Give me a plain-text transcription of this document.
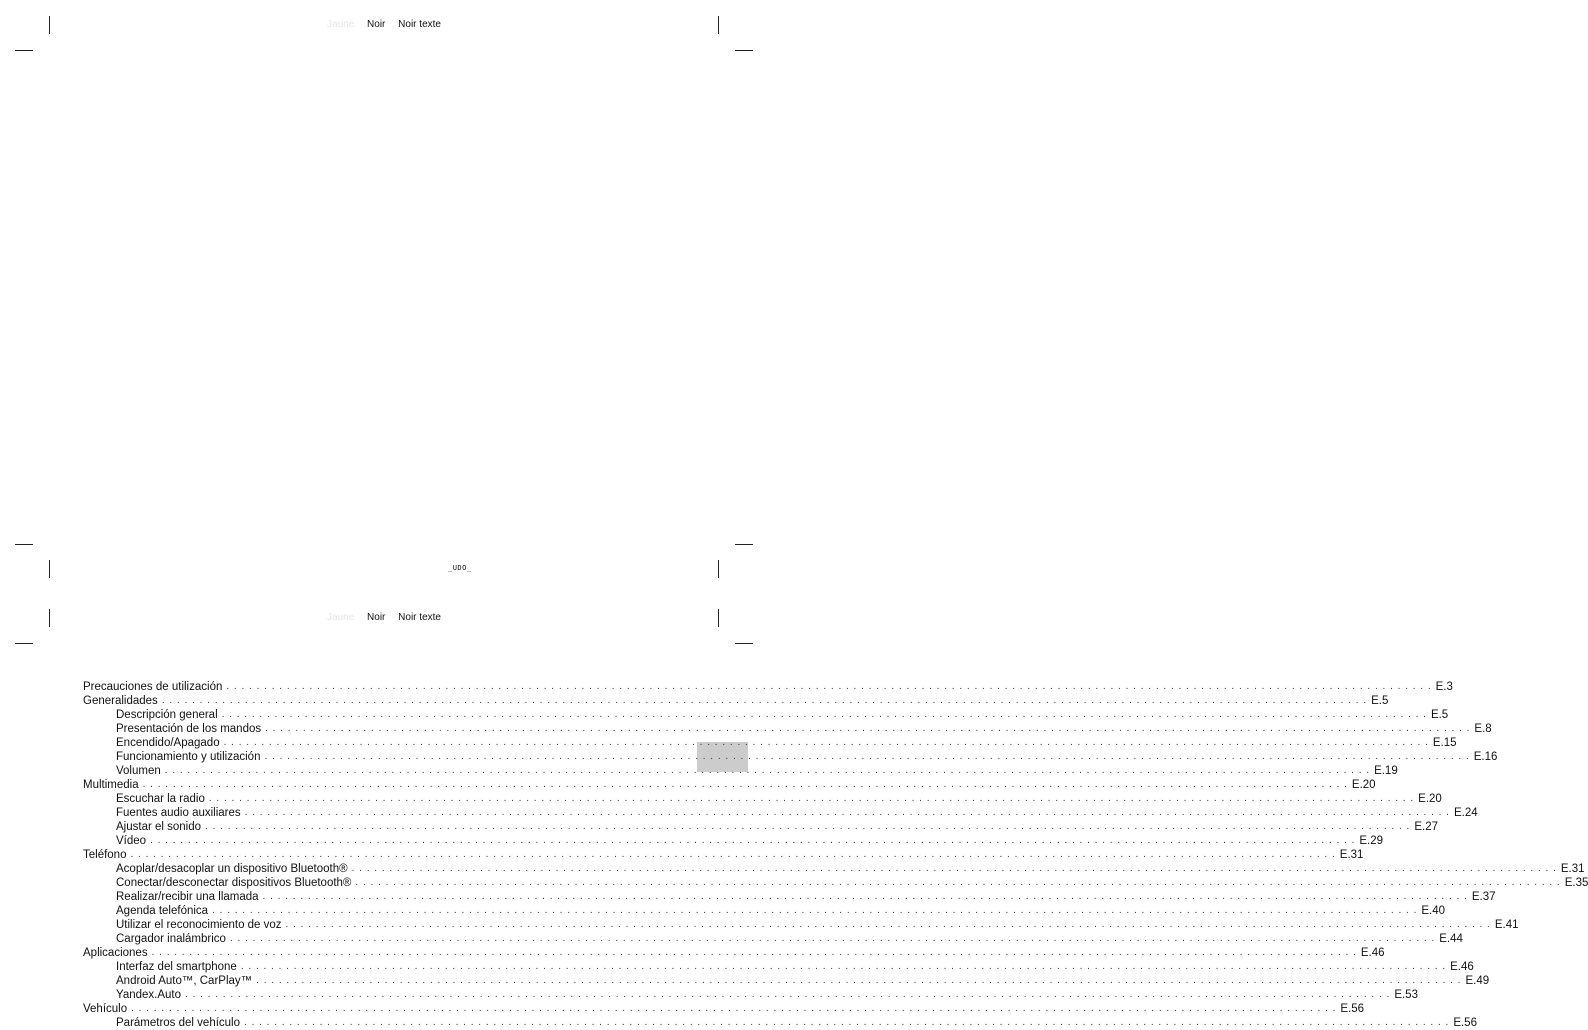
Jaune Noir Noir texte
_UDO_
Jaune Noir Noir texte
Precauciones de utilización . . . . . . . . . . . . . . . . . . . . . . . . . . . . . . . . . . . . . . . . . . . . . . . . . . . . . . . . . . . . . . . . . . . . . . . . . . . . . . . . . . . . . . . . . . . . . . . . . . . . . . . . . . . . . . . . . . . . . . . . . . . . . . . . . . . . . . . . . . . . . . . . . . . . . . . . . . . . . . . . E.3
Generalidades . . . . . . . . . . . . . . . . . . . . . . . . . . . . . . . . . . . . . . . . . . . . . . . . . . . . . . . . . . . . . . . . . . . . . . . . . . . . . . . . . . . . . . . . . . . . . . . . . . . . . . . . . . . . . . . . . . . . . . . . . . . . . . . . . . . . . . . . . . . . . . . . . . . . . . . . . . . . . . . . E.5
Descripción general . . . . . . . . . . . . . . . . . . . . . . . . . . . . . . . . . . . . . . . . . . . . . . . . . . . . . . . . . . . . . . . . . . . . . . . . . . . . . . . . . . . . . . . . . . . . . . . . . . . . . . . . . . . . . . . . . . . . . . . . . . . . . . . . . . . . . . . . . . . . . . . . . . . . . . . . . . . . . . . . E.5
Presentación de los mandos . . . . . . . . . . . . . . . . . . . . . . . . . . . . . . . . . . . . . . . . . . . . . . . . . . . . . . . . . . . . . . . . . . . . . . . . . . . . . . . . . . . . . . . . . . . . . . . . . . . . . . . . . . . . . . . . . . . . . . . . . . . . . . . . . . . . . . . . . . . . . . . . . . . . . . . . . . . . . . . . E.8
Encendido/Apagado . . . . . . . . . . . . . . . . . . . . . . . . . . . . . . . . . . . . . . . . . . . . . . . . . . . . . . . . . . . . . . . . . . . . . . . . . . . . . . . . . . . . . . . . . . . . . . . . . . . . . . . . . . . . . . . . . . . . . . . . . . . . . . . . . . . . . . . . . . . . . . . . . . . . . . . . . . . . . . . . E.15
Funcionamiento y utilización . . . . . . . . . . . . . . . . . . . . . . . . . . . . . . . . . . . . . . . . . . . . . . . . . . . . . . . . . . . . . . . . . . . . . . . . . . . . . . . . . . . . . . . . . . . . . . . . . . . . . . . . . . . . . . . . . . . . . . . . . . . . . . . . . . . . . . . . . . . . . . . . . . . . . . . . . . . . . . . . E.16
Volumen . . . . . . . . . . . . . . . . . . . . . . . . . . . . . . . . . . . . . . . . . . . . . . . . . . . . . . . . . . . . . . . . . . . . . . . . . . . . . . . . . . . . . . . . . . . . . . . . . . . . . . . . . . . . . . . . . . . . . . . . . . . . . . . . . . . . . . . . . . . . . . . . . . . . . . . . . . . . . . . . E.19
Multimedia . . . . . . . . . . . . . . . . . . . . . . . . . . . . . . . . . . . . . . . . . . . . . . . . . . . . . . . . . . . . . . . . . . . . . . . . . . . . . . . . . . . . . . . . . . . . . . . . . . . . . . . . . . . . . . . . . . . . . . . . . . . . . . . . . . . . . . . . . . . . . . . . . . . . . . . . . . . . . . . . E.20
Escuchar la radio . . . . . . . . . . . . . . . . . . . . . . . . . . . . . . . . . . . . . . . . . . . . . . . . . . . . . . . . . . . . . . . . . . . . . . . . . . . . . . . . . . . . . . . . . . . . . . . . . . . . . . . . . . . . . . . . . . . . . . . . . . . . . . . . . . . . . . . . . . . . . . . . . . . . . . . . . . . . . . . . E.20
Fuentes audio auxiliares . . . . . . . . . . . . . . . . . . . . . . . . . . . . . . . . . . . . . . . . . . . . . . . . . . . . . . . . . . . . . . . . . . . . . . . . . . . . . . . . . . . . . . . . . . . . . . . . . . . . . . . . . . . . . . . . . . . . . . . . . . . . . . . . . . . . . . . . . . . . . . . . . . . . . . . . . . . . . . . . E.24
Ajustar el sonido . . . . . . . . . . . . . . . . . . . . . . . . . . . . . . . . . . . . . . . . . . . . . . . . . . . . . . . . . . . . . . . . . . . . . . . . . . . . . . . . . . . . . . . . . . . . . . . . . . . . . . . . . . . . . . . . . . . . . . . . . . . . . . . . . . . . . . . . . . . . . . . . . . . . . . . . . . . . . . . . E.27
Vídeo . . . . . . . . . . . . . . . . . . . . . . . . . . . . . . . . . . . . . . . . . . . . . . . . . . . . . . . . . . . . . . . . . . . . . . . . . . . . . . . . . . . . . . . . . . . . . . . . . . . . . . . . . . . . . . . . . . . . . . . . . . . . . . . . . . . . . . . . . . . . . . . . . . . . . . . . . . . . . . . . E.29
Teléfono . . . . . . . . . . . . . . . . . . . . . . . . . . . . . . . . . . . . . . . . . . . . . . . . . . . . . . . . . . . . . . . . . . . . . . . . . . . . . . . . . . . . . . . . . . . . . . . . . . . . . . . . . . . . . . . . . . . . . . . . . . . . . . . . . . . . . . . . . . . . . . . . . . . . . . . . . . . . . . . . E.31
Acoplar/desacoplar un dispositivo Bluetooth® . . . . . . . . . . . . . . . . . . . . . . . . . . . . . . . . . . . . . . . . . . . . . . . . . . . . . . . . . . . . . . . . . . . . . . . . . . . . . . . . . . . . . . . . . . . . . . . . . . . . . . . . . . . . . . . . . . . . . . . . . . . . . . . . . . . . . . . . . . . . . . . . . . . . . . . . . . . . . . . . E.31
Conectar/desconectar dispositivos Bluetooth® . . . . . . . . . . . . . . . . . . . . . . . . . . . . . . . . . . . . . . . . . . . . . . . . . . . . . . . . . . . . . . . . . . . . . . . . . . . . . . . . . . . . . . . . . . . . . . . . . . . . . . . . . . . . . . . . . . . . . . . . . . . . . . . . . . . . . . . . . . . . . . . . . . . . . . . . . . . . . . . . E.35
Realizar/recibir una llamada . . . . . . . . . . . . . . . . . . . . . . . . . . . . . . . . . . . . . . . . . . . . . . . . . . . . . . . . . . . . . . . . . . . . . . . . . . . . . . . . . . . . . . . . . . . . . . . . . . . . . . . . . . . . . . . . . . . . . . . . . . . . . . . . . . . . . . . . . . . . . . . . . . . . . . . . . . . . . . . . E.37
Agenda telefónica . . . . . . . . . . . . . . . . . . . . . . . . . . . . . . . . . . . . . . . . . . . . . . . . . . . . . . . . . . . . . . . . . . . . . . . . . . . . . . . . . . . . . . . . . . . . . . . . . . . . . . . . . . . . . . . . . . . . . . . . . . . . . . . . . . . . . . . . . . . . . . . . . . . . . . . . . . . . . . . . E.40
Utilizar el reconocimiento de voz . . . . . . . . . . . . . . . . . . . . . . . . . . . . . . . . . . . . . . . . . . . . . . . . . . . . . . . . . . . . . . . . . . . . . . . . . . . . . . . . . . . . . . . . . . . . . . . . . . . . . . . . . . . . . . . . . . . . . . . . . . . . . . . . . . . . . . . . . . . . . . . . . . . . . . . . . . . . . . . . E.41
Cargador inalámbrico . . . . . . . . . . . . . . . . . . . . . . . . . . . . . . . . . . . . . . . . . . . . . . . . . . . . . . . . . . . . . . . . . . . . . . . . . . . . . . . . . . . . . . . . . . . . . . . . . . . . . . . . . . . . . . . . . . . . . . . . . . . . . . . . . . . . . . . . . . . . . . . . . . . . . . . . . . . . . . . . E.44
Aplicaciones . . . . . . . . . . . . . . . . . . . . . . . . . . . . . . . . . . . . . . . . . . . . . . . . . . . . . . . . . . . . . . . . . . . . . . . . . . . . . . . . . . . . . . . . . . . . . . . . . . . . . . . . . . . . . . . . . . . . . . . . . . . . . . . . . . . . . . . . . . . . . . . . . . . . . . . . . . . . . . . . E.46
Interfaz del smartphone . . . . . . . . . . . . . . . . . . . . . . . . . . . . . . . . . . . . . . . . . . . . . . . . . . . . . . . . . . . . . . . . . . . . . . . . . . . . . . . . . . . . . . . . . . . . . . . . . . . . . . . . . . . . . . . . . . . . . . . . . . . . . . . . . . . . . . . . . . . . . . . . . . . . . . . . . . . . . . . . E.46
Android Auto™, CarPlay™ . . . . . . . . . . . . . . . . . . . . . . . . . . . . . . . . . . . . . . . . . . . . . . . . . . . . . . . . . . . . . . . . . . . . . . . . . . . . . . . . . . . . . . . . . . . . . . . . . . . . . . . . . . . . . . . . . . . . . . . . . . . . . . . . . . . . . . . . . . . . . . . . . . . . . . . . . . . . . . . . E.49
Yandex.Auto . . . . . . . . . . . . . . . . . . . . . . . . . . . . . . . . . . . . . . . . . . . . . . . . . . . . . . . . . . . . . . . . . . . . . . . . . . . . . . . . . . . . . . . . . . . . . . . . . . . . . . . . . . . . . . . . . . . . . . . . . . . . . . . . . . . . . . . . . . . . . . . . . . . . . . . . . . . . . . . . E.53
Vehículo . . . . . . . . . . . . . . . . . . . . . . . . . . . . . . . . . . . . . . . . . . . . . . . . . . . . . . . . . . . . . . . . . . . . . . . . . . . . . . . . . . . . . . . . . . . . . . . . . . . . . . . . . . . . . . . . . . . . . . . . . . . . . . . . . . . . . . . . . . . . . . . . . . . . . . . . . . . . . . . . E.56
Parámetros del vehículo . . . . . . . . . . . . . . . . . . . . . . . . . . . . . . . . . . . . . . . . . . . . . . . . . . . . . . . . . . . . . . . . . . . . . . . . . . . . . . . . . . . . . . . . . . . . . . . . . . . . . . . . . . . . . . . . . . . . . . . . . . . . . . . . . . . . . . . . . . . . . . . . . . . . . . . . . . . . . . . . E.56
